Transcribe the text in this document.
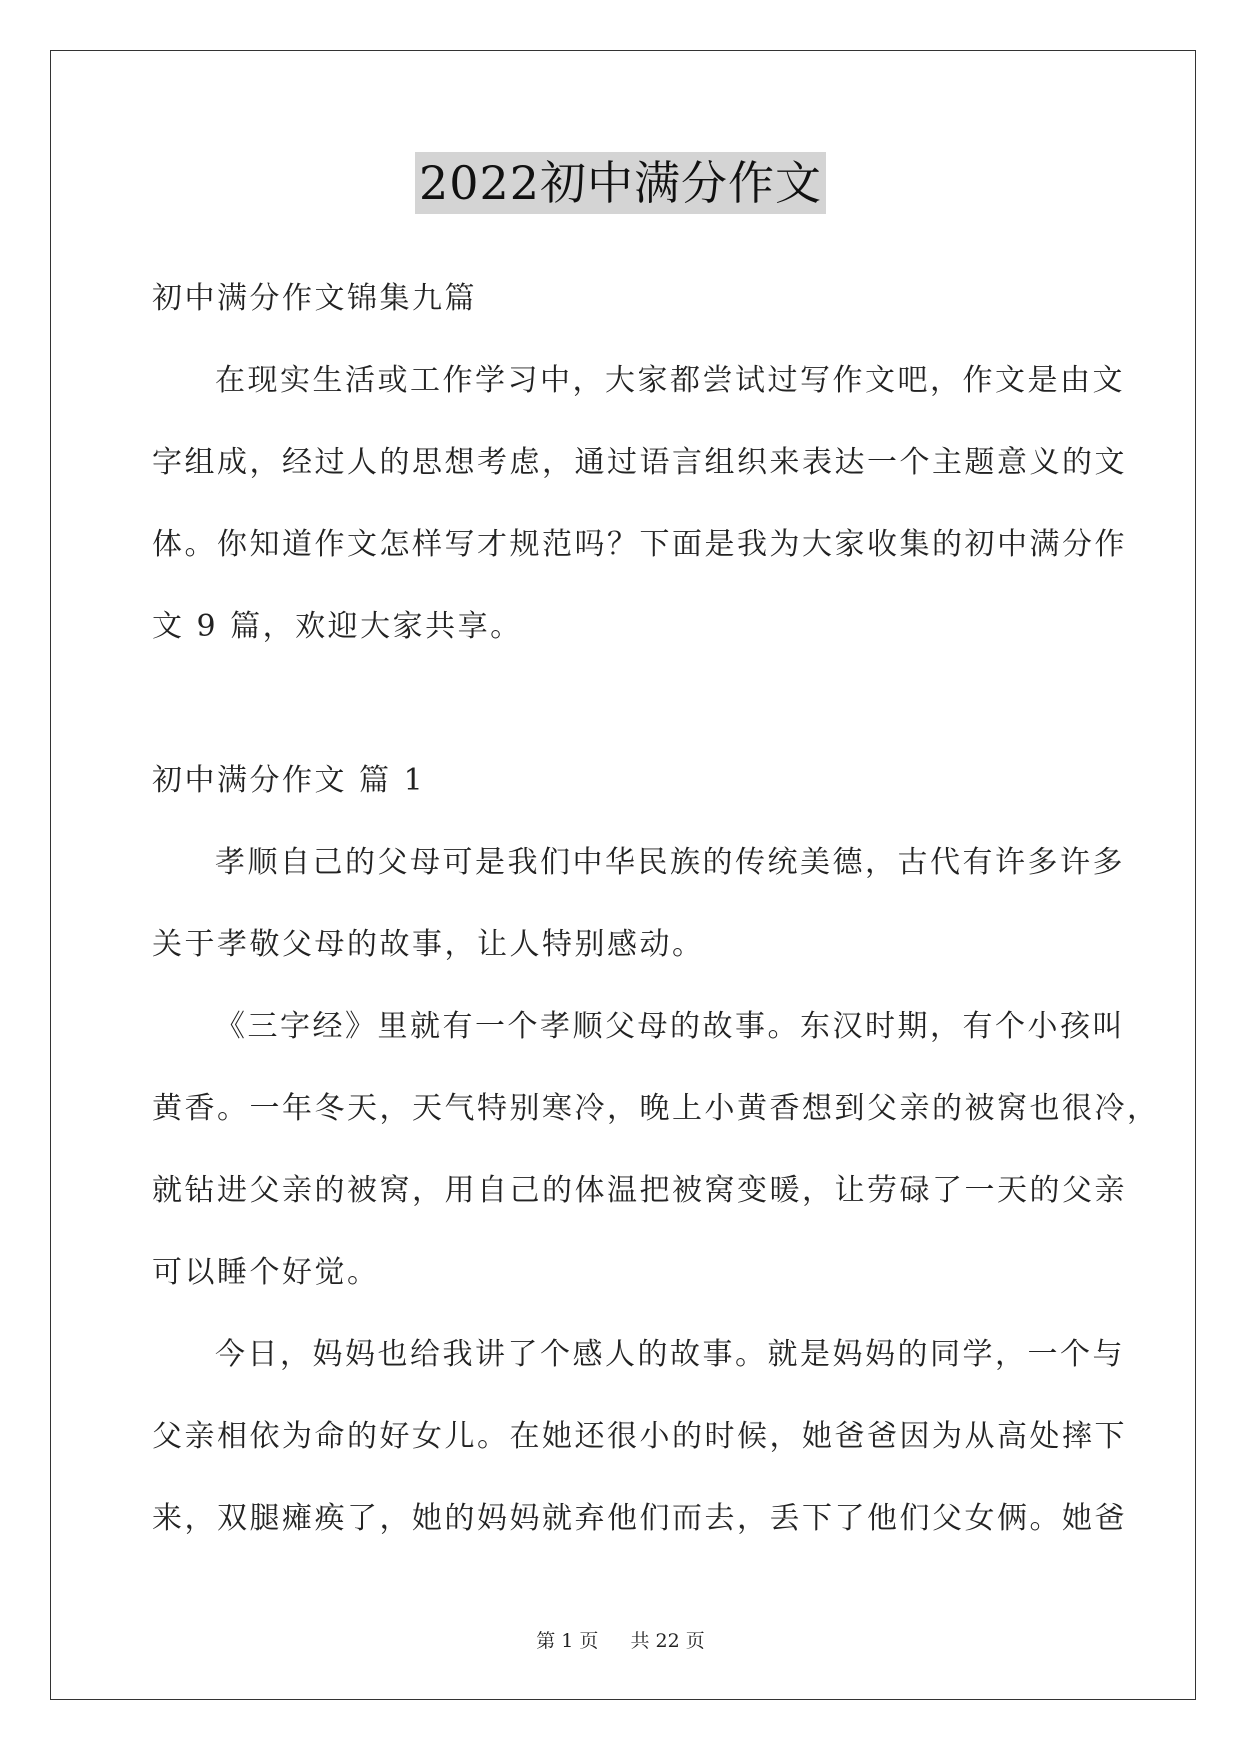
2022初中满分作文
初中满分作文锦集九篇
在现实生活或工作学习中，大家都尝试过写作文吧，作文是由文
字组成，经过人的思想考虑，通过语言组织来表达一个主题意义的文
体。你知道作文怎样写才规范吗？下面是我为大家收集的初中满分作
文 9 篇，欢迎大家共享。
初中满分作文 篇 1
孝顺自己的父母可是我们中华民族的传统美德，古代有许多许多
关于孝敬父母的故事，让人特别感动。
《三字经》里就有一个孝顺父母的故事。东汉时期，有个小孩叫
黄香。一年冬天，天气特别寒冷，晚上小黄香想到父亲的被窝也很冷，
就钻进父亲的被窝，用自己的体温把被窝变暖，让劳碌了一天的父亲
可以睡个好觉。
今日，妈妈也给我讲了个感人的故事。就是妈妈的同学，一个与
父亲相依为命的好女儿。在她还很小的时候，她爸爸因为从高处摔下
来，双腿瘫痪了，她的妈妈就弃他们而去，丢下了他们父女俩。她爸
第 1 页 共 22 页
